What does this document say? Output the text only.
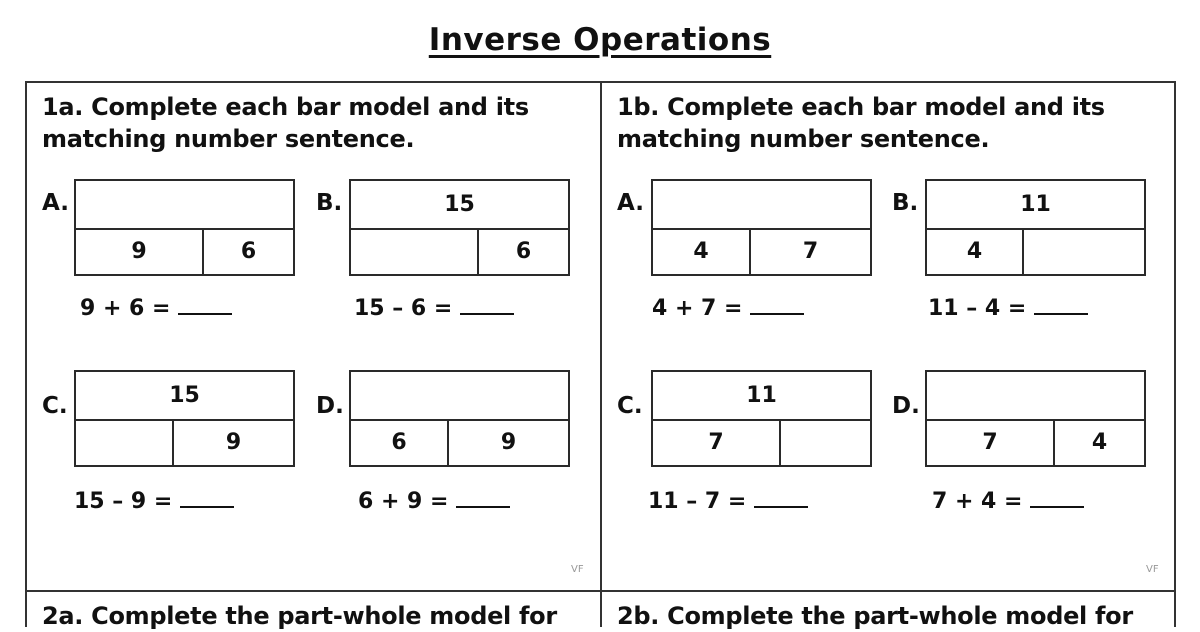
Inverse Operations
1a. Complete each bar model and its
matching number sentence.
A.
9	6
9 + 6 =
B.	15
6
15 – 6 =
C.	15
9
15 – 9 =
D.
6	9
6 + 9 =
VF
1b. Complete each bar model and its
matching number sentence.
A.
4	7
4 + 7 =
B.	11
4
11 – 4 =
C.	11
7
11 – 7 =
D.
7	4
7 + 4 =
VF
2a. Complete the part-whole model for	2b. Complete the part-whole model for
